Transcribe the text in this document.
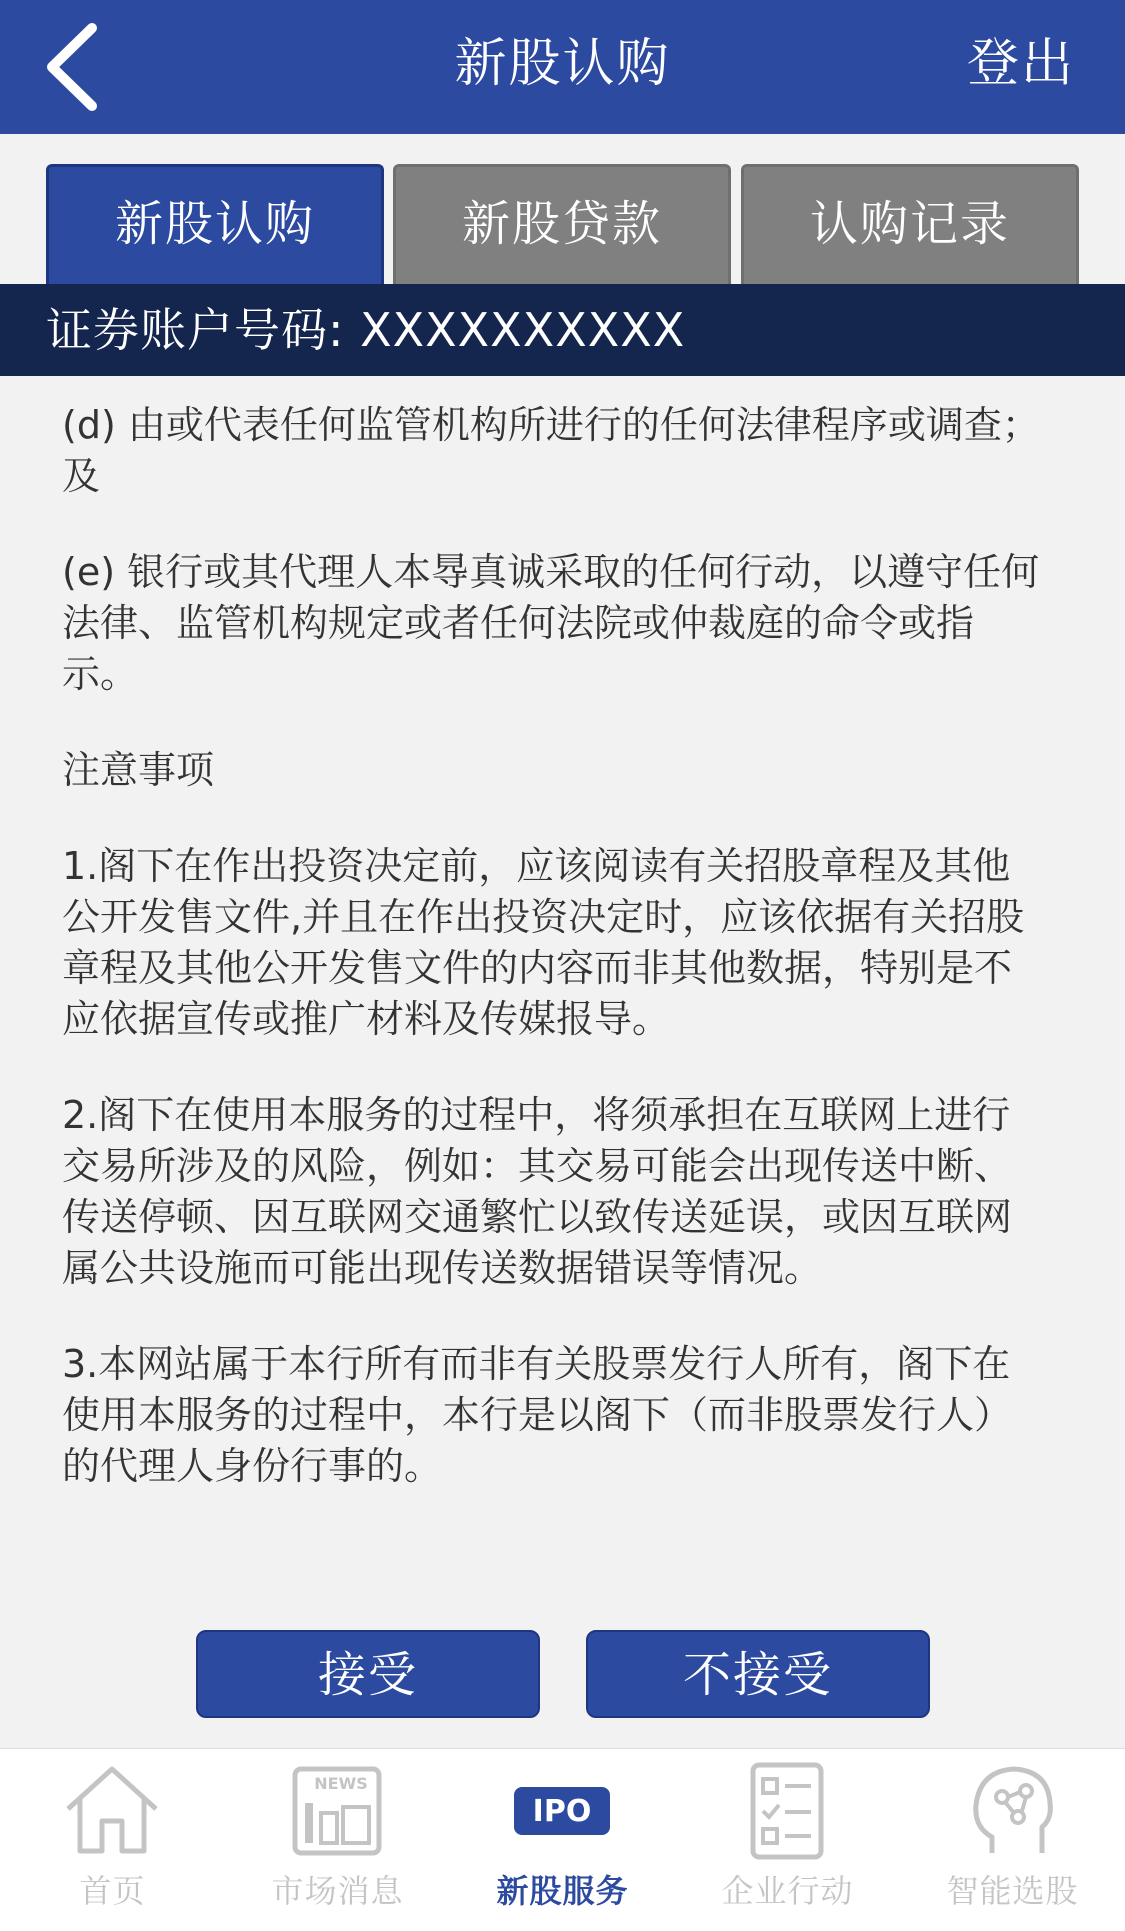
新股认购	登出
新股认购	新股贷款	认购记录
证券账户号码: XXXXXXXXXX

(d) 由或代表任何监管机构所进行的任何法律程序或调查；及

(e) 银行或其代理人本䙷真诚采取的任何行动，以遵守任何法律、监管机构规定或者任何法院或仲裁庭的命令或指示。

注意事项

1.阁下在作出投资决定前，应该阅读有关招股章程及其他公开发售文件,并且在作出投资决定时，应该依据有关招股章程及其他公开发售文件的内容而非其他数据，特别是不应依据宣传或推广材料及传媒报导。

2.阁下在使用本服务的过程中，将须承担在互联网上进行交易所涉及的风险，例如：其交易可能会出现传送中断、传送停顿、因互联网交通繁忙以致传送延误，或因互联网属公共设施而可能出现传送数据错误等情况。

3.本网站属于本行所有而非有关股票发行人所有，阁下在使用本服务的过程中，本行是以阁下（而非股票发行人）的代理人身份行事的。

接受	不接受
首页
NEWS
市场消息
IPO
新股服务	企业行动	智能选股
